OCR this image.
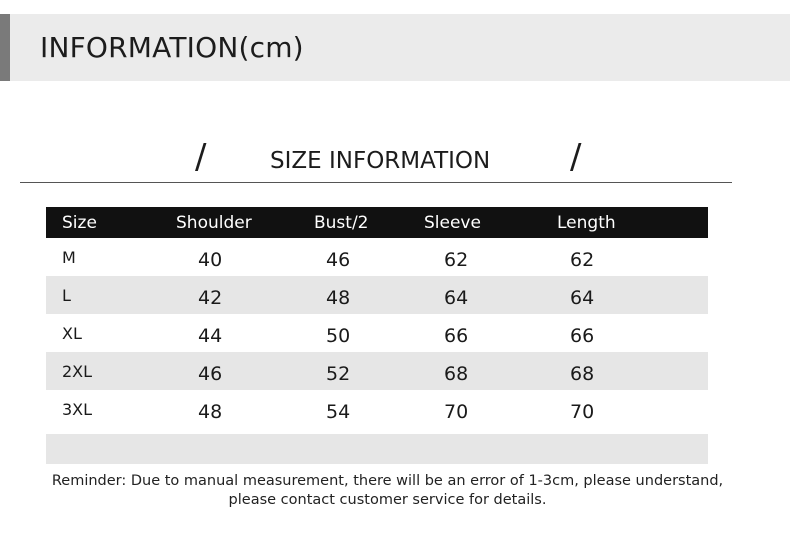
INFORMATION(cm)
/	SIZE INFORMATION /
Size	Shoulder	Bust/2	Sleeve	Length
M	40	46	62	62
L	42	48	64	64
XL	44	50	66	66
2XL	46	52	68	68
3XL	48	54	70	70
Reminder: Due to manual measurement, there will be an error of 1-3cm, please understand, please contact customer service for details.
